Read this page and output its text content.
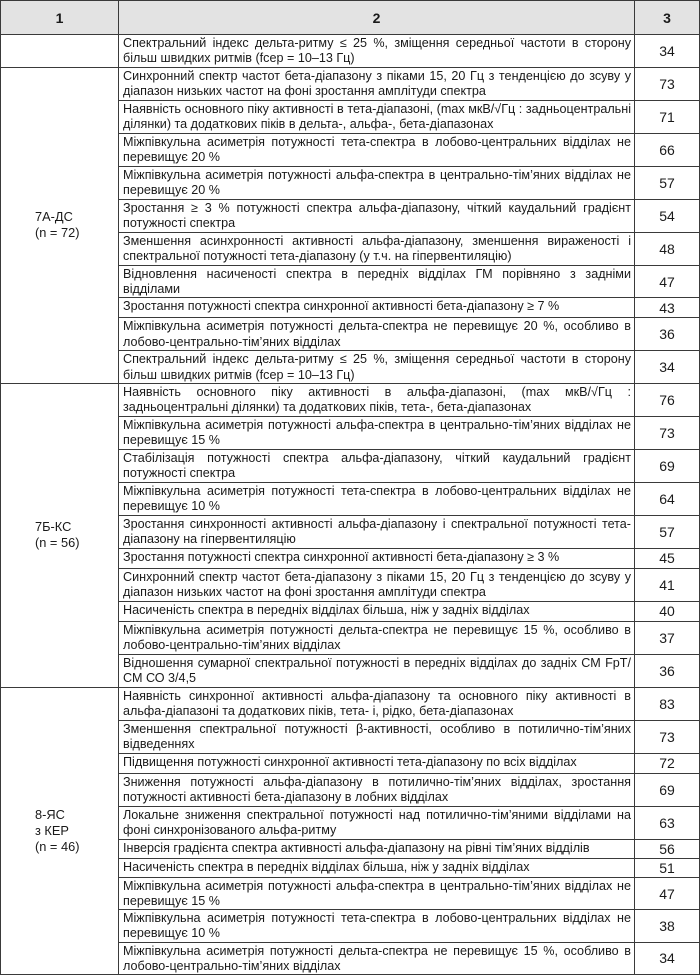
1	2	3
	Спектральний індекс дельта-ритму ≤ 25 %, зміщення середньої частоти в сторону більш швидких ритмів (fсер = 10–13 Гц)	34

7А-ДС
(n = 72)	Синхронний спектр частот бета-діапазону з піками 15, 20 Гц з тенденцією до зсуву у діапазон низьких частот на фоні зростання амплітуди спектра	73
	Наявність основного піку активності в тета-діапазоні, (max мкВ/√Гц : задньоцентральні ділянки) та додаткових піків в дельта-, альфа-, бета-діапазонах	71
	Міжпівкульна асиметрія потужності тета-спектра в лобово-центральних відділах не перевищує 20 %	66
	Міжпівкульна асиметрія потужності альфа-спектра в центрально-тім’яних відділах не перевищує 20 %	57
	Зростання ≥ 3 % потужності спектра альфа-діапазону, чіткий каудальний градієнт потужності спектра	54
	Зменшення асинхронності активності альфа-діапазону, зменшення вираженості і спектральної потужності тета-діапазону (у т.ч. на гіпервентиляцію)	48
	Відновлення насиченості спектра в передніх відділах ГМ порівняно з задніми відділами	47
	Зростання потужності спектра синхронної активності бета-діапазону ≥ 7 %	43
	Міжпівкульна асиметрія потужності дельта-спектра не перевищує 20 %, особливо в лобово-центрально-тім’яних відділах	36
	Спектральний індекс дельта-ритму ≤ 25 %, зміщення середньої частоти в сторону більш швидких ритмів (fсер = 10–13 Гц)	34

7Б-КС
(n = 56)	Наявність основного піку активності в альфа-діапазоні, (max мкВ/√Гц : задньоцентральні ділянки) та додаткових піків, тета-, бета-діапазонах	76
	Міжпівкульна асиметрія потужності альфа-спектра в центрально-тім’яних відділах не перевищує 15 %	73
	Стабілізація потужності спектра альфа-діапазону, чіткий каудальний градієнт потужності спектра	69
	Міжпівкульна асиметрія потужності тета-спектра в лобово-центральних відділах не перевищує 10 %	64
	Зростання синхронності активності альфа-діапазону і спектральної потужності тета-діапазону на гіпервентиляцію	57
	Зростання потужності спектра синхронної активності бета-діапазону ≥ 3 %	45
	Синхронний спектр частот бета-діапазону з піками 15, 20 Гц з тенденцією до зсуву у діапазон низьких частот на фоні зростання амплітуди спектра	41
	Насиченість спектра в передніх відділах більша, ніж у задніх відділах	40
	Міжпівкульна асиметрія потужності дельта-спектра не перевищує 15 %, особливо в лобово-центрально-тім’яних відділах	37
	Відношення сумарної спектральної потужності в передніх відділах до задніх СМ FpT/СМ СО 3/4,5	36

8-ЯС
з КЕР
(n = 46)	Наявність синхронної активності альфа-діапазону та основного піку активності в альфа-діапазоні та додаткових піків, тета- і, рідко, бета-діапазонах	83
	Зменшення спектральної потужності β-активності, особливо в потилично-тім’яних відведеннях	73
	Підвищення потужності синхронної активності тета-діапазону по всіх відділах	72
	Зниження потужності альфа-діапазону в потилично-тім’яних відділах, зростання потужності активності бета-діапазону в лобних відділах	69
	Локальне зниження спектральної потужності над потилично-тім’яними відділами на фоні синхронізованого альфа-ритму	63
	Інверсія градієнта спектра активності альфа-діапазону на рівні тім’яних відділів	56
	Насиченість спектра в передніх відділах більша, ніж у задніх відділах	51
	Міжпівкульна асиметрія потужності альфа-спектра в центрально-тім’яних відділах не перевищує 15 %	47
	Міжпівкульна асиметрія потужності тета-спектра в лобово-центральних відділах не перевищує 10 %	38
	Міжпівкульна асиметрія потужності дельта-спектра не перевищує 15 %, особливо в лобово-центрально-тім’яних відділах	34
